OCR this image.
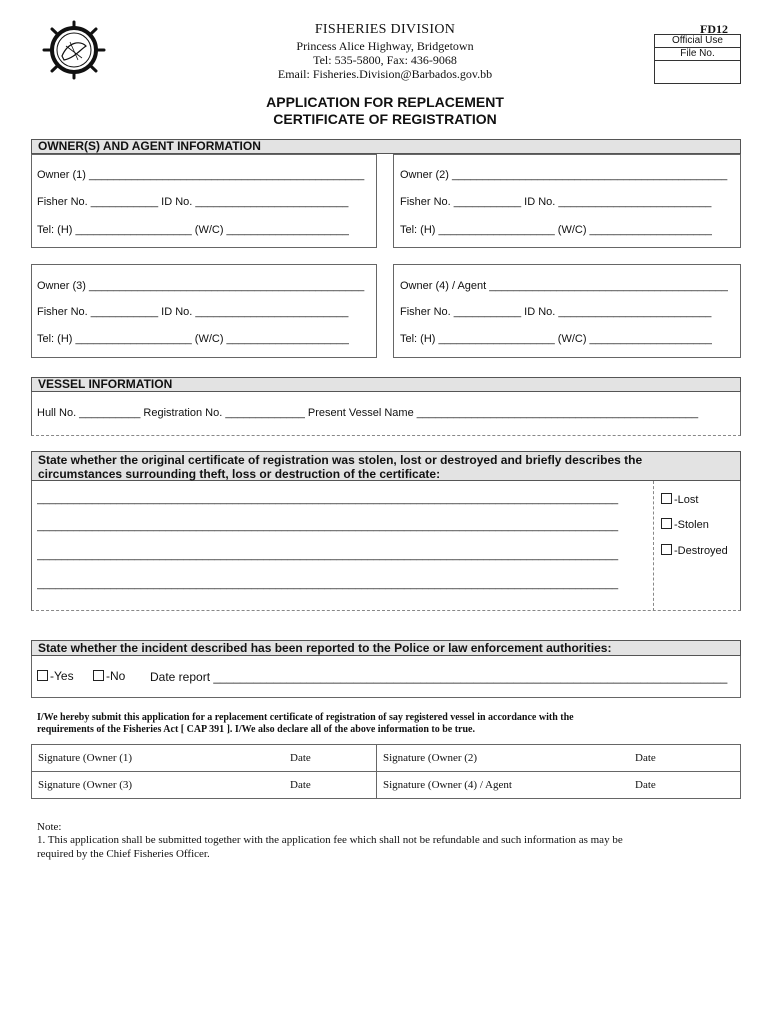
FISHERIES DIVISION
Princess Alice Highway, Bridgetown
Tel: 535-5800, Fax: 436-9068
Email: Fisheries.Division@Barbados.gov.bb
FD12
Official Use
File No.
APPLICATION FOR REPLACEMENT
CERTIFICATE OF REGISTRATION
OWNER(S) AND AGENT INFORMATION
Owner (1) _____________________________________________
Fisher No. ___________ ID No. _________________________
Tel: (H) ___________________ (W/C) ____________________
Owner (2) _____________________________________________
Fisher No. ___________ ID No. _________________________
Tel: (H) ___________________ (W/C) ____________________
Owner (3) _____________________________________________
Fisher No. ___________ ID No. _________________________
Tel: (H) ___________________ (W/C) ____________________
Owner (4) / Agent _______________________________________
Fisher No. ___________ ID No. _________________________
Tel: (H) ___________________ (W/C) ____________________
VESSEL INFORMATION
Hull No. __________ Registration No. _____________ Present Vessel Name ______________________________________________
State whether the original certificate of registration was stolen, lost or destroyed and briefly describes the
circumstances surrounding theft, loss or destruction of the certificate:
_______________________________________________________________________________________________
_______________________________________________________________________________________________
_______________________________________________________________________________________________
_______________________________________________________________________________________________
-Lost
-Stolen
-Destroyed
State whether the incident described has been reported to the Police or law enforcement authorities:
-Yes	-No Date report _____________________________________________________________________________
I/We hereby submit this application for a replacement certificate of registration of say registered vessel in accordance with the
requirements of the Fisheries Act [ CAP 391 ]. I/We also declare all of the above information to be true.
Signature (Owner (1)	Date	Signature (Owner (2)	Date
Signature (Owner (3)	Date	Signature (Owner (4) / Agent	Date
Note:
1. This application shall be submitted together with the application fee which shall not be refundable and such information as may be
required by the Chief Fisheries Officer.
